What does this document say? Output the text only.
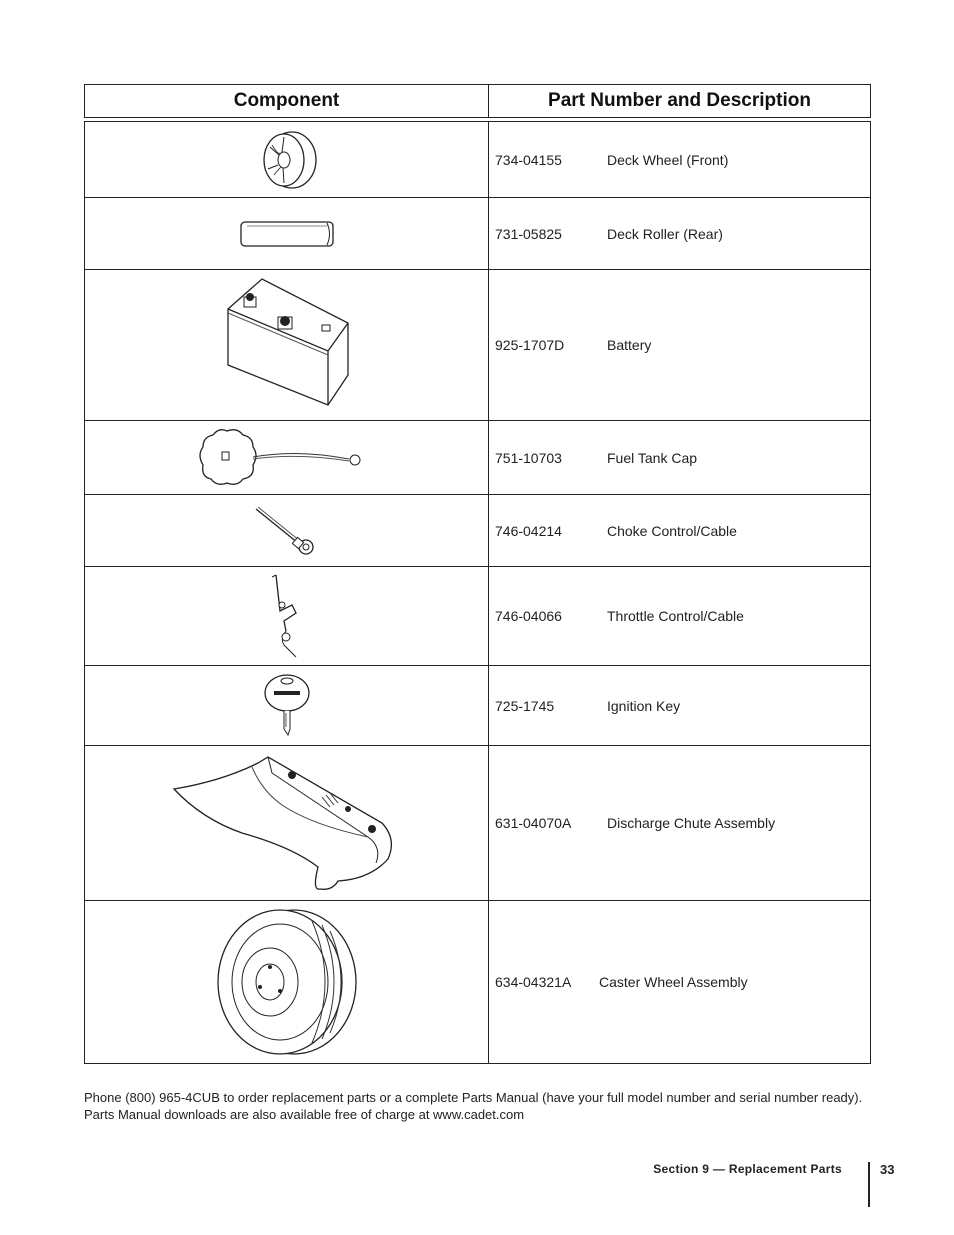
Component	Part Number and Description
734-04155	Deck Wheel (Front)
731-05825	Deck Roller (Rear)
925-1707D	Battery
751-10703	Fuel Tank Cap
746-04214	Choke Control/Cable
746-04066	Throttle Control/Cable
725-1745	Ignition Key
631-04070A	Discharge Chute Assembly
634-04321A	Caster Wheel Assembly
Phone (800) 965-4CUB to order replacement parts or a complete Parts Manual (have your full model number and serial number ready). Parts Manual downloads are also available free of charge at www.cadet.com
Section 9 — Replacement Parts	33
